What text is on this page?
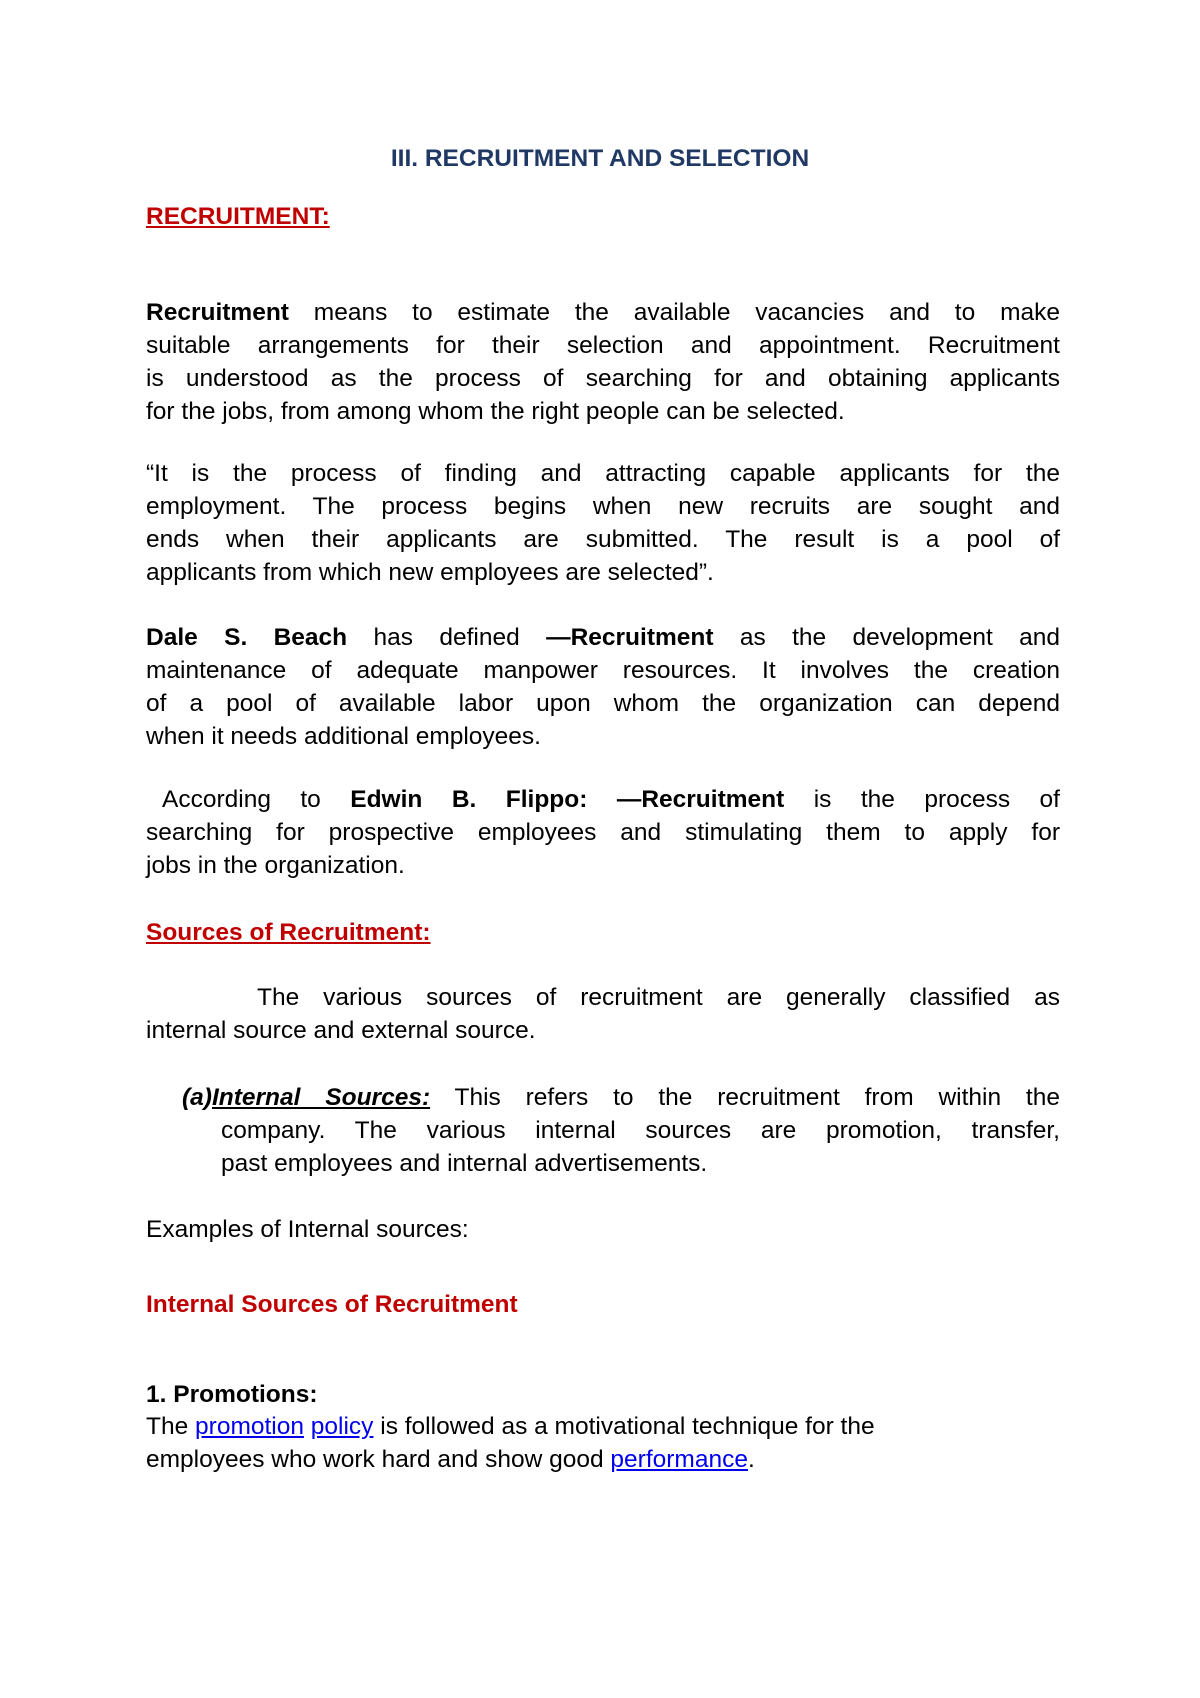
III. RECRUITMENT AND SELECTION

RECRUITMENT:

Recruitment means to estimate the available vacancies and to make
suitable arrangements for their selection and appointment. Recruitment
is understood as the process of searching for and obtaining applicants
for the jobs, from among whom the right people can be selected.

“It is the process of finding and attracting capable applicants for the
employment. The process begins when new recruits are sought and
ends when their applicants are submitted. The result is a pool of
applicants from which new employees are selected”.

Dale S. Beach has defined ―Recruitment as the development and
maintenance of adequate manpower resources. It involves the creation
of a pool of available labor upon whom the organization can depend
when it needs additional employees.

According to Edwin B. Flippo: ―Recruitment is the process of
searching for prospective employees and stimulating them to apply for
jobs in the organization.

Sources of Recruitment:

The various sources of recruitment are generally classified as
internal source and external source.

(a)Internal Sources: This refers to the recruitment from within the
company. The various internal sources are promotion, transfer,
past employees and internal advertisements.

Examples of Internal sources:

Internal Sources of Recruitment

1. Promotions:

The promotion policy is followed as a motivational technique for the
employees who work hard and show good performance.
